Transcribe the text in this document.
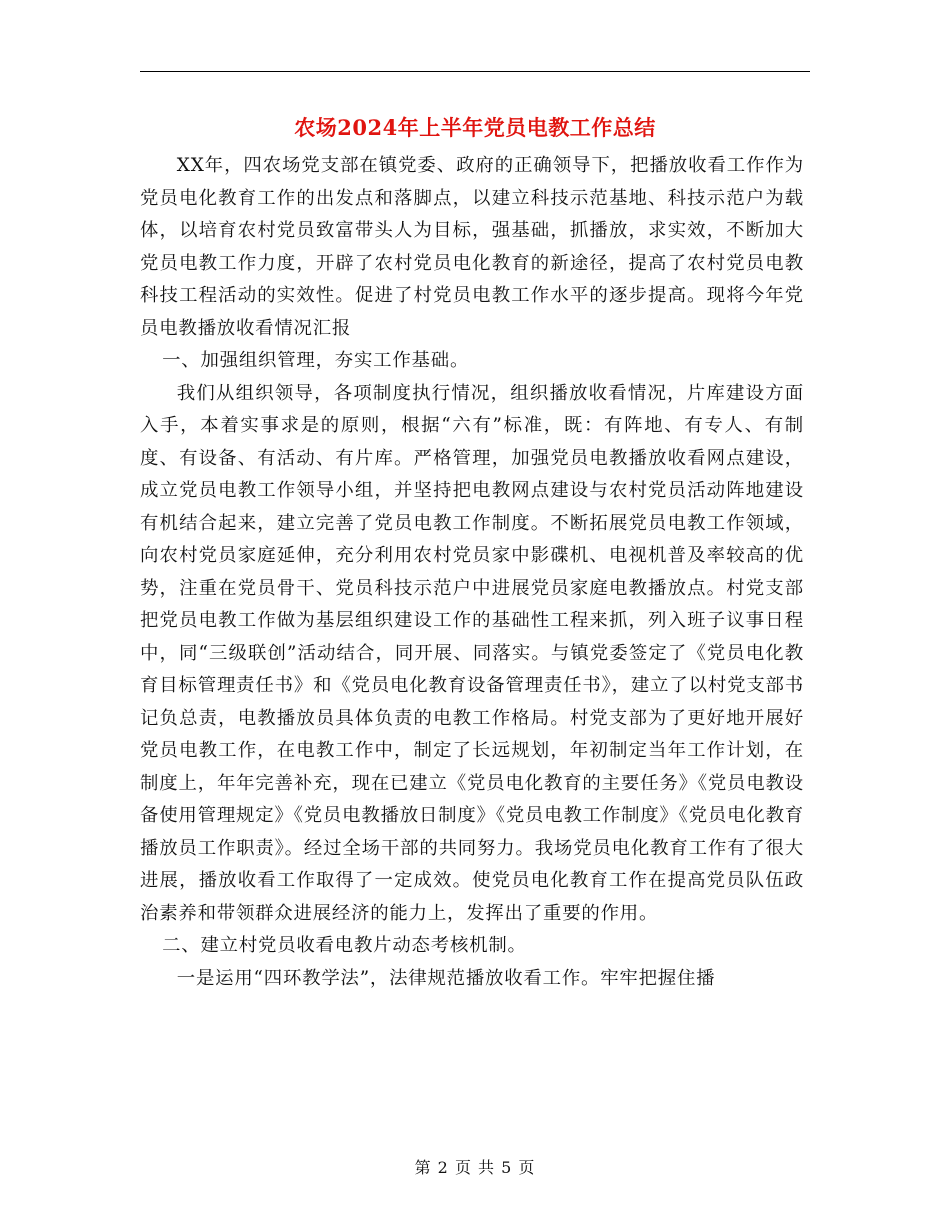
农场2024年上半年党员电教工作总结

XX年，四农场党支部在镇党委、政府的正确领导下，把播放收看工作作为党员电化教育工作的出发点和落脚点，以建立科技示范基地、科技示范户为载体，以培育农村党员致富带头人为目标，强基础，抓播放，求实效，不断加大党员电教工作力度，开辟了农村党员电化教育的新途径，提高了农村党员电教科技工程活动的实效性。促进了村党员电教工作水平的逐步提高。现将今年党员电教播放收看情况汇报

一、加强组织管理，夯实工作基础。

我们从组织领导，各项制度执行情况，组织播放收看情况，片库建设方面入手，本着实事求是的原则，根据“六有”标准，既：有阵地、有专人、有制度、有设备、有活动、有片库。严格管理，加强党员电教播放收看网点建设，成立党员电教工作领导小组，并坚持把电教网点建设与农村党员活动阵地建设有机结合起来，建立完善了党员电教工作制度。不断拓展党员电教工作领域，向农村党员家庭延伸，充分利用农村党员家中影碟机、电视机普及率较高的优势，注重在党员骨干、党员科技示范户中进展党员家庭电教播放点。村党支部把党员电教工作做为基层组织建设工作的基础性工程来抓，列入班子议事日程中，同“三级联创”活动结合，同开展、同落实。与镇党委签定了《党员电化教育目标管理责任书》和《党员电化教育设备管理责任书》，建立了以村党支部书记负总责，电教播放员具体负责的电教工作格局。村党支部为了更好地开展好党员电教工作，在电教工作中，制定了长远规划，年初制定当年工作计划，在制度上，年年完善补充，现在已建立《党员电化教育的主要任务》《党员电教设备使用管理规定》《党员电教播放日制度》《党员电教工作制度》《党员电化教育播放员工作职责》。经过全场干部的共同努力。我场党员电化教育工作有了很大进展，播放收看工作取得了一定成效。使党员电化教育工作在提高党员队伍政治素养和带领群众进展经济的能力上，发挥出了重要的作用。

二、建立村党员收看电教片动态考核机制。

一是运用“四环教学法”，法律规范播放收看工作。牢牢把握住播

第 2 页 共 5 页
